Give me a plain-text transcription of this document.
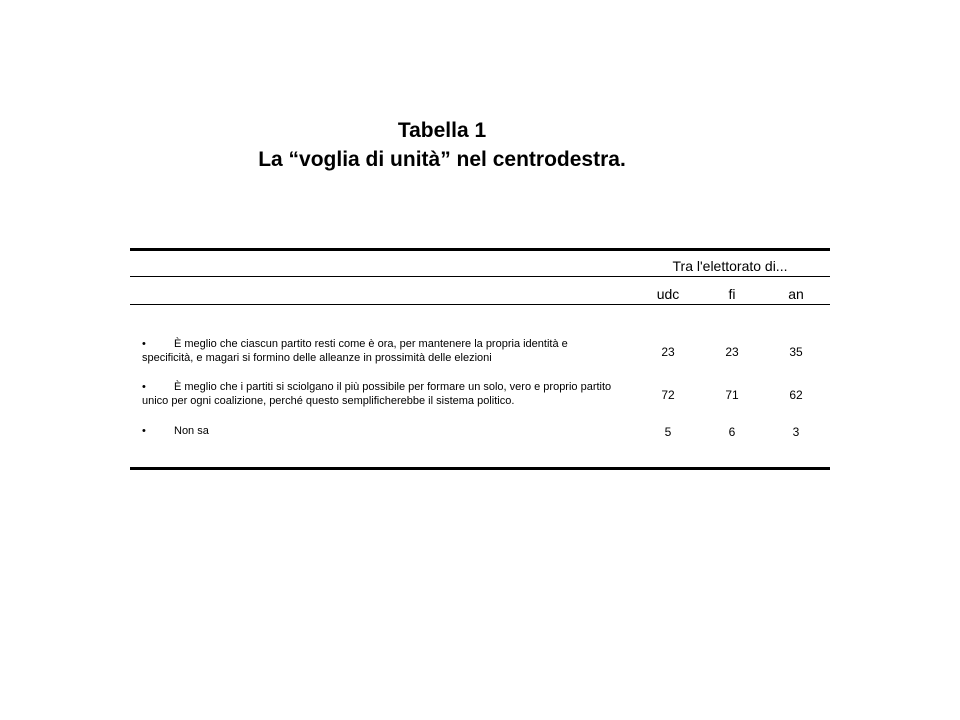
Tabella 1
La “voglia di unità” nel centrodestra.
Tra l'elettorato di...
udc	fi	an
•	È meglio che ciascun partito resti come è ora, per mantenere la propria identità e specificità, e magari si formino delle alleanze in prossimità delle elezioni	23	23	35
•	È meglio che i partiti si sciolgano il più possibile per formare un solo, vero e proprio partito unico per ogni coalizione, perché questo semplificherebbe il sistema politico.	72	71	62
•	Non sa	5	6	3
